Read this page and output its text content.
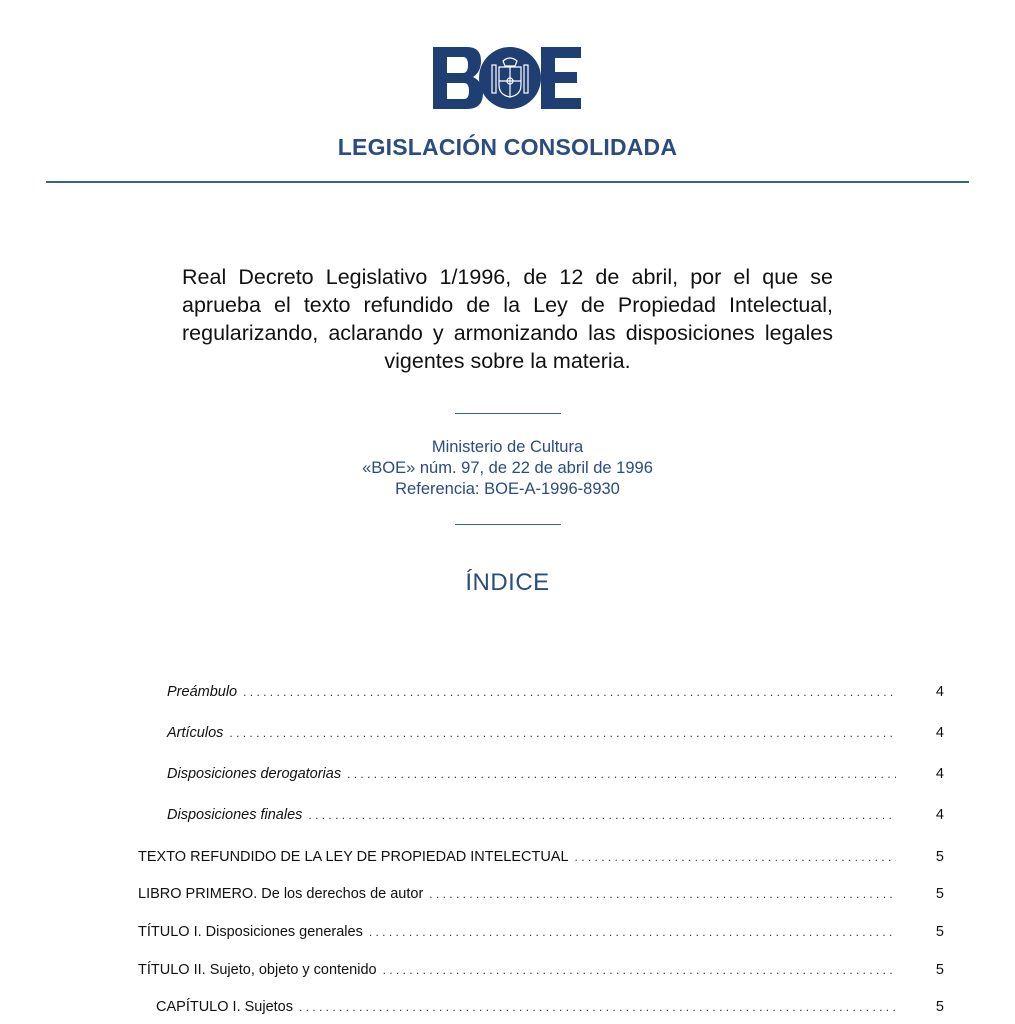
LEGISLACIÓN CONSOLIDADA
Real Decreto Legislativo 1/1996, de 12 de abril, por el que se aprueba el texto refundido de la Ley de Propiedad Intelectual, regularizando, aclarando y armonizando las disposiciones legales vigentes sobre la materia.
Ministerio de Cultura
«BOE» núm. 97, de 22 de abril de 1996
Referencia: BOE-A-1996-8930
ÍNDICE
Preámbulo . . .	4
Artículos . . .	4
Disposiciones derogatorias . . .	4
Disposiciones finales . . .	4
TEXTO REFUNDIDO DE LA LEY DE PROPIEDAD INTELECTUAL . . .	5
LIBRO PRIMERO. De los derechos de autor . . .	5
TÍTULO I. Disposiciones generales . . .	5
TÍTULO II. Sujeto, objeto y contenido . . .	5
CAPÍTULO I. Sujetos . . .	5
